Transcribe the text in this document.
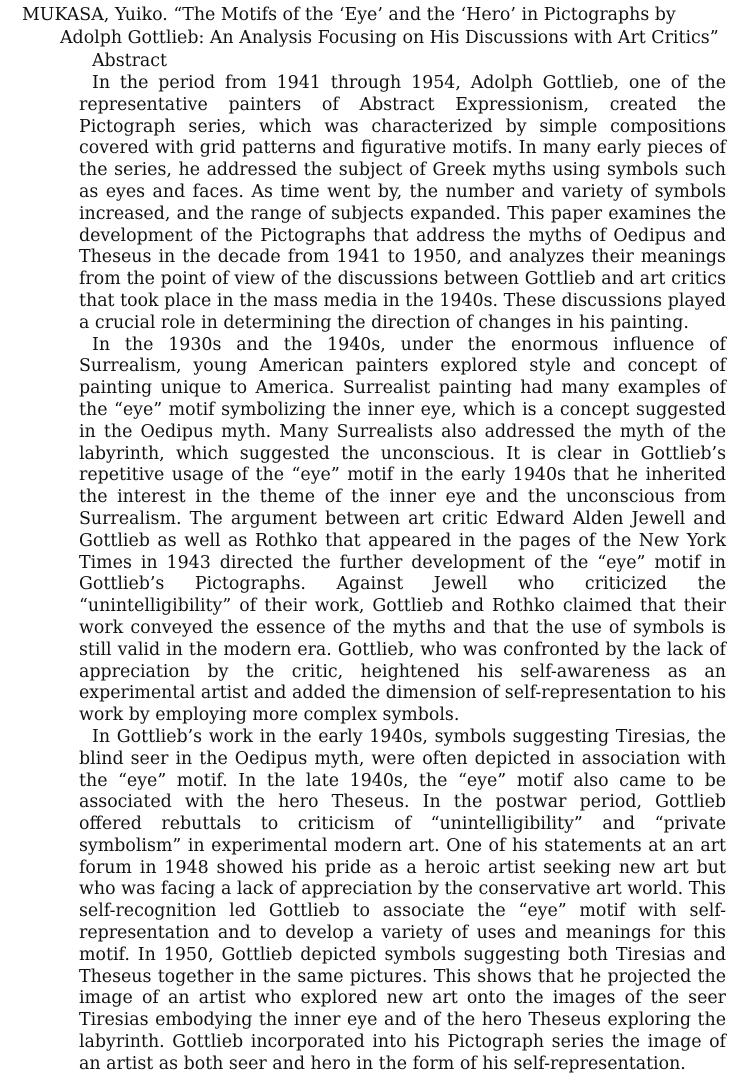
MUKASA, Yuiko. “The Motifs of the ‘Eye’ and the ‘Hero’ in Pictographs by Adolph Gottlieb: An Analysis Focusing on His Discussions with Art Critics”

Abstract

In the period from 1941 through 1954, Adolph Gottlieb, one of the representative painters of Abstract Expressionism, created the Pictograph series, which was characterized by simple compositions covered with grid patterns and figurative motifs. In many early pieces of the series, he addressed the subject of Greek myths using symbols such as eyes and faces. As time went by, the number and variety of symbols increased, and the range of subjects expanded. This paper examines the development of the Pictographs that address the myths of Oedipus and Theseus in the decade from 1941 to 1950, and analyzes their meanings from the point of view of the discussions between Gottlieb and art critics that took place in the mass media in the 1940s. These discussions played a crucial role in determining the direction of changes in his painting.

In the 1930s and the 1940s, under the enormous influence of Surrealism, young American painters explored style and concept of painting unique to America. Surrealist painting had many examples of the “eye” motif symbolizing the inner eye, which is a concept suggested in the Oedipus myth. Many Surrealists also addressed the myth of the labyrinth, which suggested the unconscious. It is clear in Gottlieb’s repetitive usage of the “eye” motif in the early 1940s that he inherited the interest in the theme of the inner eye and the unconscious from Surrealism. The argument between art critic Edward Alden Jewell and Gottlieb as well as Rothko that appeared in the pages of the New York Times in 1943 directed the further development of the “eye” motif in Gottlieb’s Pictographs. Against Jewell who criticized the “unintelligibility” of their work, Gottlieb and Rothko claimed that their work conveyed the essence of the myths and that the use of symbols is still valid in the modern era. Gottlieb, who was confronted by the lack of appreciation by the critic, heightened his self-awareness as an experimental artist and added the dimension of self-representation to his work by employing more complex symbols.

In Gottlieb’s work in the early 1940s, symbols suggesting Tiresias, the blind seer in the Oedipus myth, were often depicted in association with the “eye” motif. In the late 1940s, the “eye” motif also came to be associated with the hero Theseus. In the postwar period, Gottlieb offered rebuttals to criticism of “unintelligibility” and “private symbolism” in experimental modern art. One of his statements at an art forum in 1948 showed his pride as a heroic artist seeking new art but who was facing a lack of appreciation by the conservative art world. This self-recognition led Gottlieb to associate the “eye” motif with self-representation and to develop a variety of uses and meanings for this motif. In 1950, Gottlieb depicted symbols suggesting both Tiresias and Theseus together in the same pictures. This shows that he projected the image of an artist who explored new art onto the images of the seer Tiresias embodying the inner eye and of the hero Theseus exploring the labyrinth. Gottlieb incorporated into his Pictograph series the image of an artist as both seer and hero in the form of his self-representation.
